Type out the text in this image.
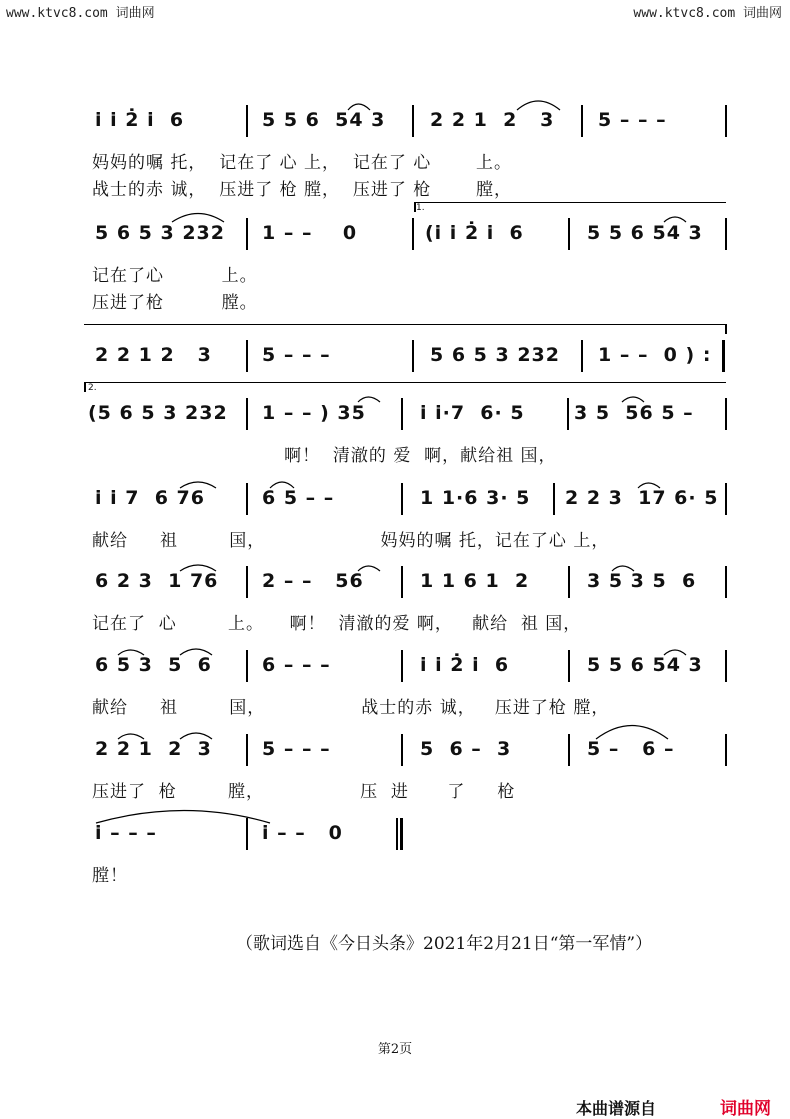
www.ktvc8.com 词曲网	www.ktvc8.com 词曲网
i i 2̇ i  6	5 5 6  54 3 2 2 1  2   3 5 – – –
妈妈的嘱 托，  记在了 心 上，  记在了 心       上。
战士的赤 诚，  压进了 枪 膛，  压进了 枪       膛，
1.
5 6 5 3 232 1 – –    0	(i i 2̇ i  6	5 5 6 54 3
记在了心         上。
压进了枪         膛。
2 2 1 2   3	5 – – –	5 6 5 3 232 1 – –  0 ) :
2.
(5 6 5 3 232 1 – – ) 35	i i·7  6· 5	3 5  56 5 –
啊！  清澈的 爱  啊，献给祖 国，
i i 7  6 76	6 5 – –	1 1·6 3· 5 2 2 3  17 6· 5
献给     祖        国，                  妈妈的嘱 托，记在了心 上，
6 2 3  1 76 2 – –   56	1 1 6 1  2	3 5 3 5  6
记在了  心        上。    啊！  清澈的爱 啊，   献给  祖 国，
6 5 3  5  6	6 – – –	i i 2̇ i  6	5 5 6 54 3
献给     祖        国，               战士的赤 诚，   压进了枪 膛，
2 2 1  2  3	5 – – –	5  6 –  3	5 –   6 –
压进了  枪        膛，               压  进      了     枪
i – – –	i – –   0
膛！
（歌词选自《今日头条》2021年2月21日“第一军情”）
第2页
本曲谱源自	词曲网
